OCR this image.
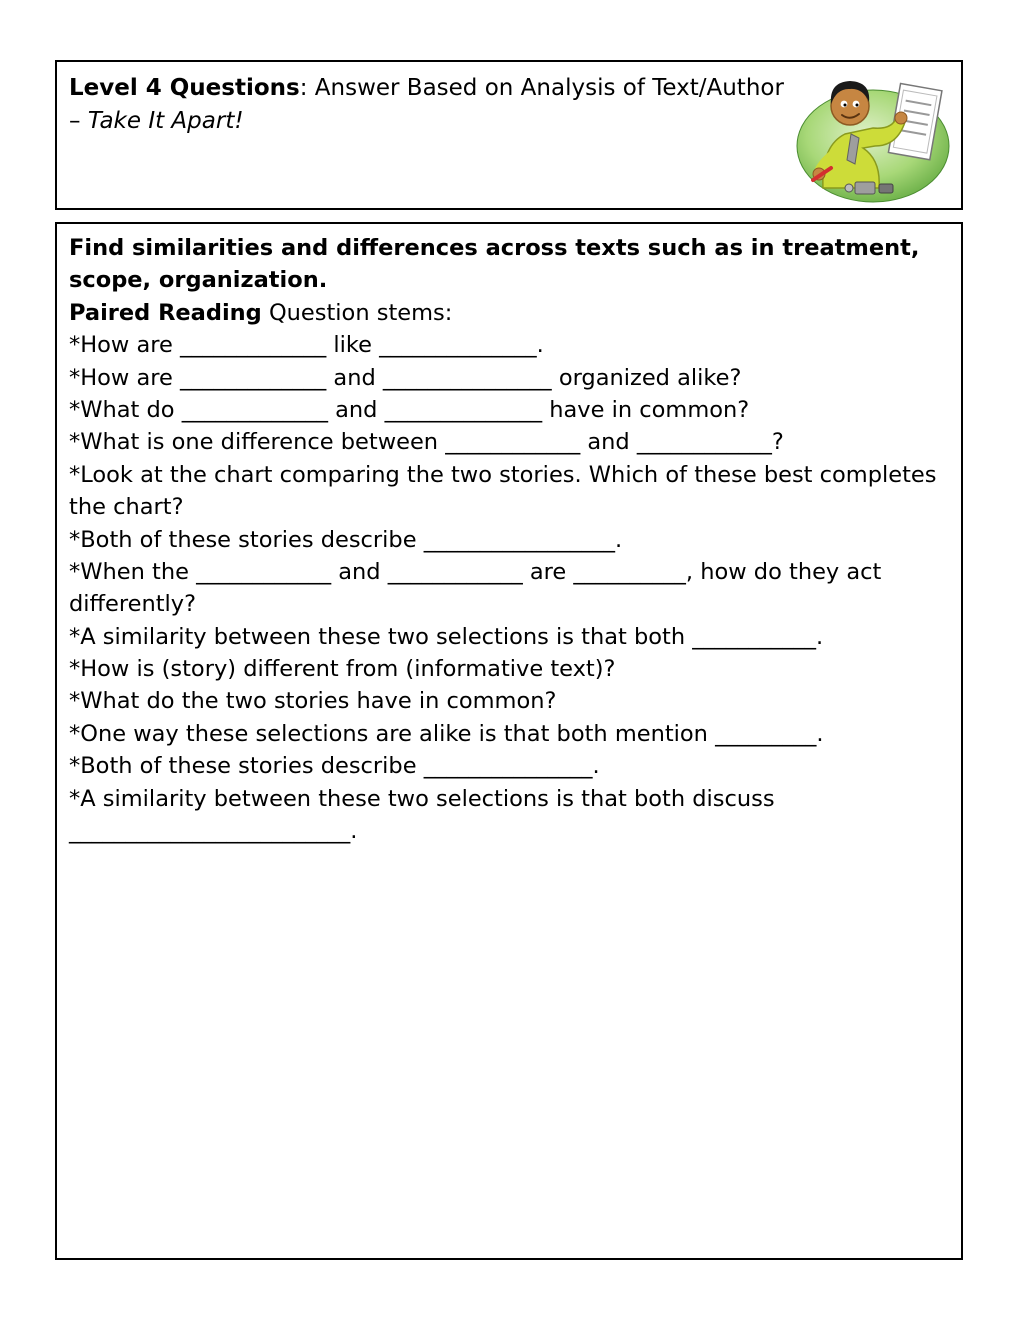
Level 4 Questions: Answer Based on Analysis of Text/Author – Take It Apart!

Find similarities and differences across texts such as in treatment, scope, organization.

Paired Reading Question stems:

*How are _____________ like ______________.

*How are _____________ and _______________ organized alike?

*What do _____________ and ______________ have in common?

*What is one difference between ____________ and ____________?

*Look at the chart comparing the two stories. Which of these best completes the chart?

*Both of these stories describe _________________.

*When the ____________ and ____________ are __________, how do they act differently?

*A similarity between these two selections is that both ___________.

*How is (story) different from (informative text)?

*What do the two stories have in common?

*One way these selections are alike is that both mention _________.

*Both of these stories describe _______________.

*A similarity between these two selections is that both discuss _________________________.
